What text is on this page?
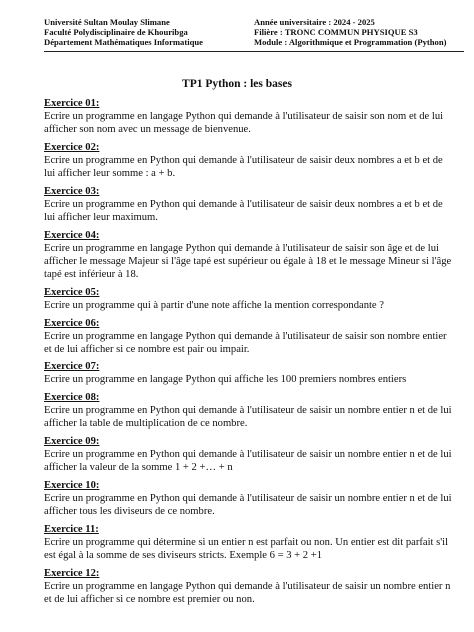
Université Sultan Moulay Slimane
Faculté Polydisciplinaire de Khouribga
Département Mathématiques Informatique
Année universitaire : 2024 - 2025
Filière : TRONC COMMUN PHYSIQUE S3
Module : Algorithmique et Programmation (Python)
TP1 Python : les bases
Exercice 01:

Ecrire un programme en langage Python qui demande à l'utilisateur de saisir son nom et de lui afficher son nom avec un message de bienvenue.

Exercice 02:

Ecrire un programme en Python qui demande à l'utilisateur de saisir deux nombres a et b et de lui afficher leur somme : a + b.

Exercice 03:

Ecrire un programme en Python qui demande à l'utilisateur de saisir deux nombres a et b et de lui afficher leur maximum.

Exercice 04:

Ecrire un programme en langage Python qui demande à l'utilisateur de saisir son âge et de lui afficher le message Majeur si l'âge tapé est supérieur ou égale à 18 et le message Mineur si l'âge tapé est inférieur à 18.

Exercice 05:

Ecrire un programme qui à partir d'une note affiche la mention correspondante ?

Exercice 06:

Ecrire un programme en langage Python qui demande à l'utilisateur de saisir son nombre entier et de lui afficher si ce nombre est pair ou impair.

Exercice 07:

Ecrire un programme en langage Python qui affiche les 100 premiers nombres entiers

Exercice 08:

Ecrire un programme en Python qui demande à l'utilisateur de saisir un nombre entier n et de lui afficher la table de multiplication de ce nombre.

Exercice 09:

Ecrire un programme en Python qui demande à l'utilisateur de saisir un nombre entier n et de lui afficher la valeur de la somme 1 + 2 +… + n

Exercice 10:

Ecrire un programme en Python qui demande à l'utilisateur de saisir un nombre entier n et de lui afficher tous les diviseurs de ce nombre.

Exercice 11:

Ecrire un programme qui détermine si un entier n est parfait ou non. Un entier est dit parfait s'il est égal à la somme de ses diviseurs stricts. Exemple 6 = 3 + 2 +1

Exercice 12:

Ecrire un programme en langage Python qui demande à l'utilisateur de saisir un nombre entier n et de lui afficher si ce nombre est premier ou non.
